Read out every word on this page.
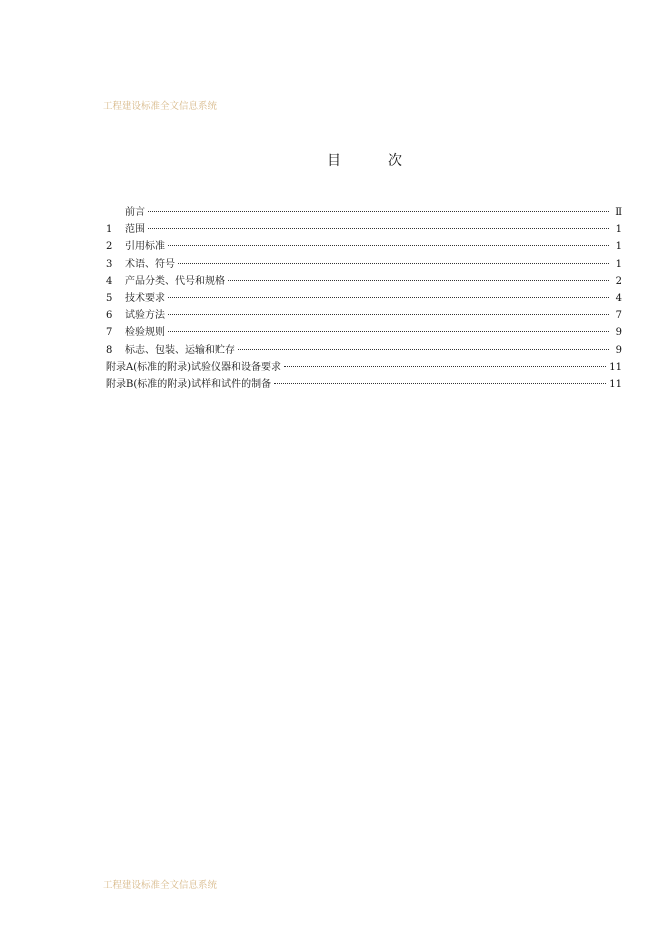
工程建设标准全文信息系统
目	次
前言	Ⅱ
1	范围	1
2	引用标准	1
3	术语、符号	1
4	产品分类、代号和规格	2
5	技术要求	4
6	试验方法	7
7	检验规则	9
8	标志、包装、运输和贮存	9
附录A(标准的附录)试验仪器和设备要求	11
附录B(标准的附录)试样和试件的制备	11
工程建设标准全文信息系统
